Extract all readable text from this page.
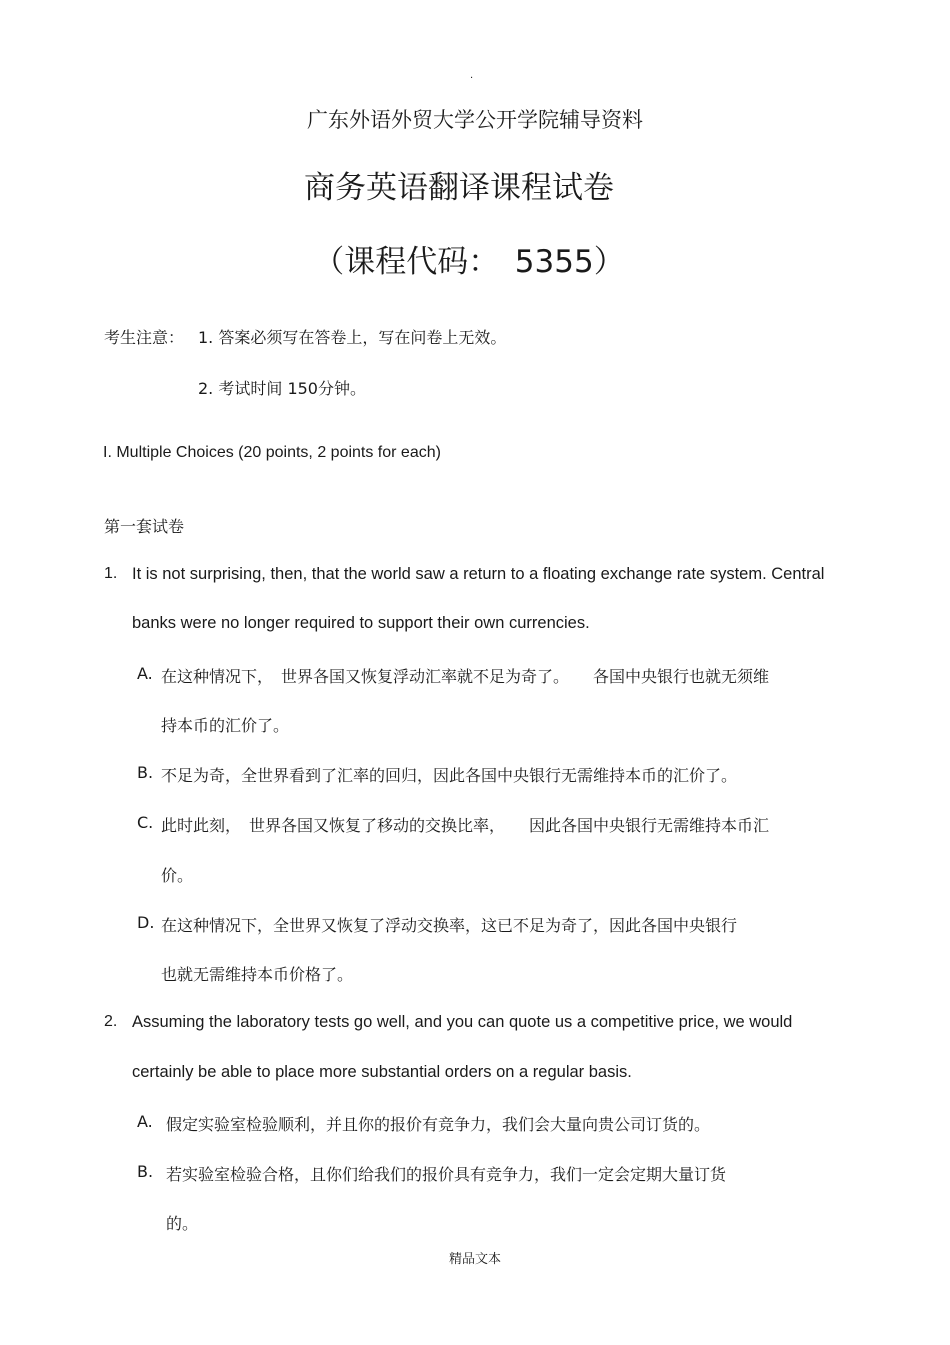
.
广东外语外贸大学公开学院辅导资料
商务英语翻译课程试卷
（课程代码：　5355）
考生注意： 1. 答案必须写在答卷上，写在问卷上无效。
2. 考试时间 150分钟。
I. Multiple Choices (20 points, 2 points for each)
第一套试卷
1. It is not surprising, then, that the world saw a return to a floating exchange rate system. Central
banks were no longer required to support their own currencies.
A. 在这种情况下，　世界各国又恢复浮动汇率就不足为奇了。　　各国中央银行也就无须维
持本币的汇价了。
B. 不足为奇，全世界看到了汇率的回归，因此各国中央银行无需维持本币的汇价了。
C. 此时此刻，　世界各国又恢复了移动的交换比率，　　因此各国中央银行无需维持本币汇
价。
D. 在这种情况下，全世界又恢复了浮动交换率，这已不足为奇了，因此各国中央银行
也就无需维持本币价格了。
2. Assuming the laboratory tests go well, and you can quote us a competitive price, we would
certainly be able to place more substantial orders on a regular basis.
A. 假定实验室检验顺利，并且你的报价有竞争力，我们会大量向贵公司订货的。
B. 若实验室检验合格，且你们给我们的报价具有竞争力，我们一定会定期大量订货
的。
精品文本
